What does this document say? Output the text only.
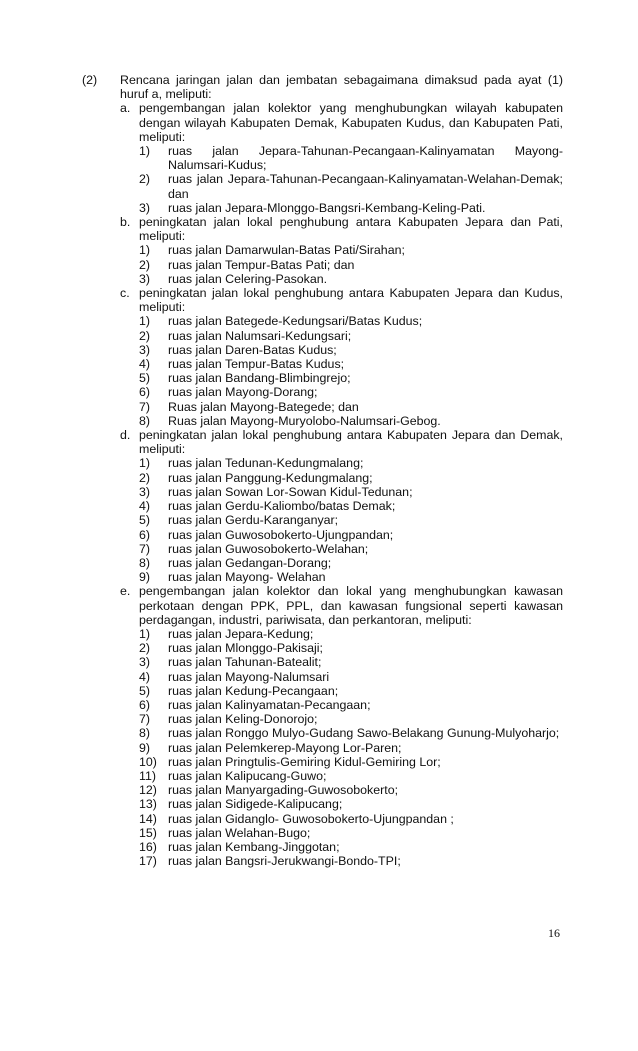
(2) Rencana jaringan jalan dan jembatan sebagaimana dimaksud pada ayat (1) huruf a, meliputi:
a. pengembangan jalan kolektor yang menghubungkan wilayah kabupaten dengan wilayah Kabupaten Demak, Kabupaten Kudus, dan Kabupaten Pati, meliputi:
1)	ruas jalan Jepara-Tahunan-Pecangaan-Kalinyamatan Mayong-Nalumsari-Kudus;
2)	ruas jalan Jepara-Tahunan-Pecangaan-Kalinyamatan-Welahan-Demak; dan
3)	ruas jalan Jepara-Mlonggo-Bangsri-Kembang-Keling-Pati.
b. peningkatan jalan lokal penghubung antara Kabupaten Jepara dan Pati, meliputi:
1)	ruas jalan Damarwulan-Batas Pati/Sirahan;
2)	ruas jalan Tempur-Batas Pati; dan
3)	ruas jalan Celering-Pasokan.
c. peningkatan jalan lokal penghubung antara Kabupaten Jepara dan Kudus, meliputi:
1)	ruas jalan Bategede-Kedungsari/Batas Kudus;
2)	ruas jalan Nalumsari-Kedungsari;
3)	ruas jalan Daren-Batas Kudus;
4)	ruas jalan Tempur-Batas Kudus;
5)	ruas jalan Bandang-Blimbingrejo;
6)	ruas jalan Mayong-Dorang;
7)	Ruas jalan Mayong-Bategede; dan
8)	Ruas jalan Mayong-Muryolobo-Nalumsari-Gebog.
d. peningkatan jalan lokal penghubung antara Kabupaten Jepara dan Demak, meliputi:
1)	ruas jalan Tedunan-Kedungmalang;
2)	ruas jalan Panggung-Kedungmalang;
3)	ruas jalan Sowan Lor-Sowan Kidul-Tedunan;
4)	ruas jalan Gerdu-Kaliombo/batas Demak;
5)	ruas jalan Gerdu-Karanganyar;
6)	ruas jalan Guwosobokerto-Ujungpandan;
7)	ruas jalan Guwosobokerto-Welahan;
8)	ruas jalan Gedangan-Dorang;
9)	ruas jalan Mayong- Welahan
e. pengembangan jalan kolektor dan lokal yang menghubungkan kawasan perkotaan dengan PPK, PPL, dan kawasan fungsional seperti kawasan perdagangan, industri, pariwisata, dan perkantoran, meliputi:
1)	ruas jalan Jepara-Kedung;
2)	ruas jalan Mlonggo-Pakisaji;
3)	ruas jalan Tahunan-Batealit;
4)	ruas jalan Mayong-Nalumsari
5)	ruas jalan Kedung-Pecangaan;
6)	ruas jalan Kalinyamatan-Pecangaan;
7)	ruas jalan Keling-Donorojo;
8)	ruas jalan Ronggo Mulyo-Gudang Sawo-Belakang Gunung-Mulyoharjo;
9)	ruas jalan Pelemkerep-Mayong Lor-Paren;
10) ruas jalan Pringtulis-Gemiring Kidul-Gemiring Lor;
11) ruas jalan Kalipucang-Guwo;
12) ruas jalan Manyargading-Guwosobokerto;
13) ruas jalan Sidigede-Kalipucang;
14) ruas jalan Gidanglo- Guwosobokerto-Ujungpandan ;
15) ruas jalan Welahan-Bugo;
16) ruas jalan Kembang-Jinggotan;
17) ruas jalan Bangsri-Jerukwangi-Bondo-TPI;
16
